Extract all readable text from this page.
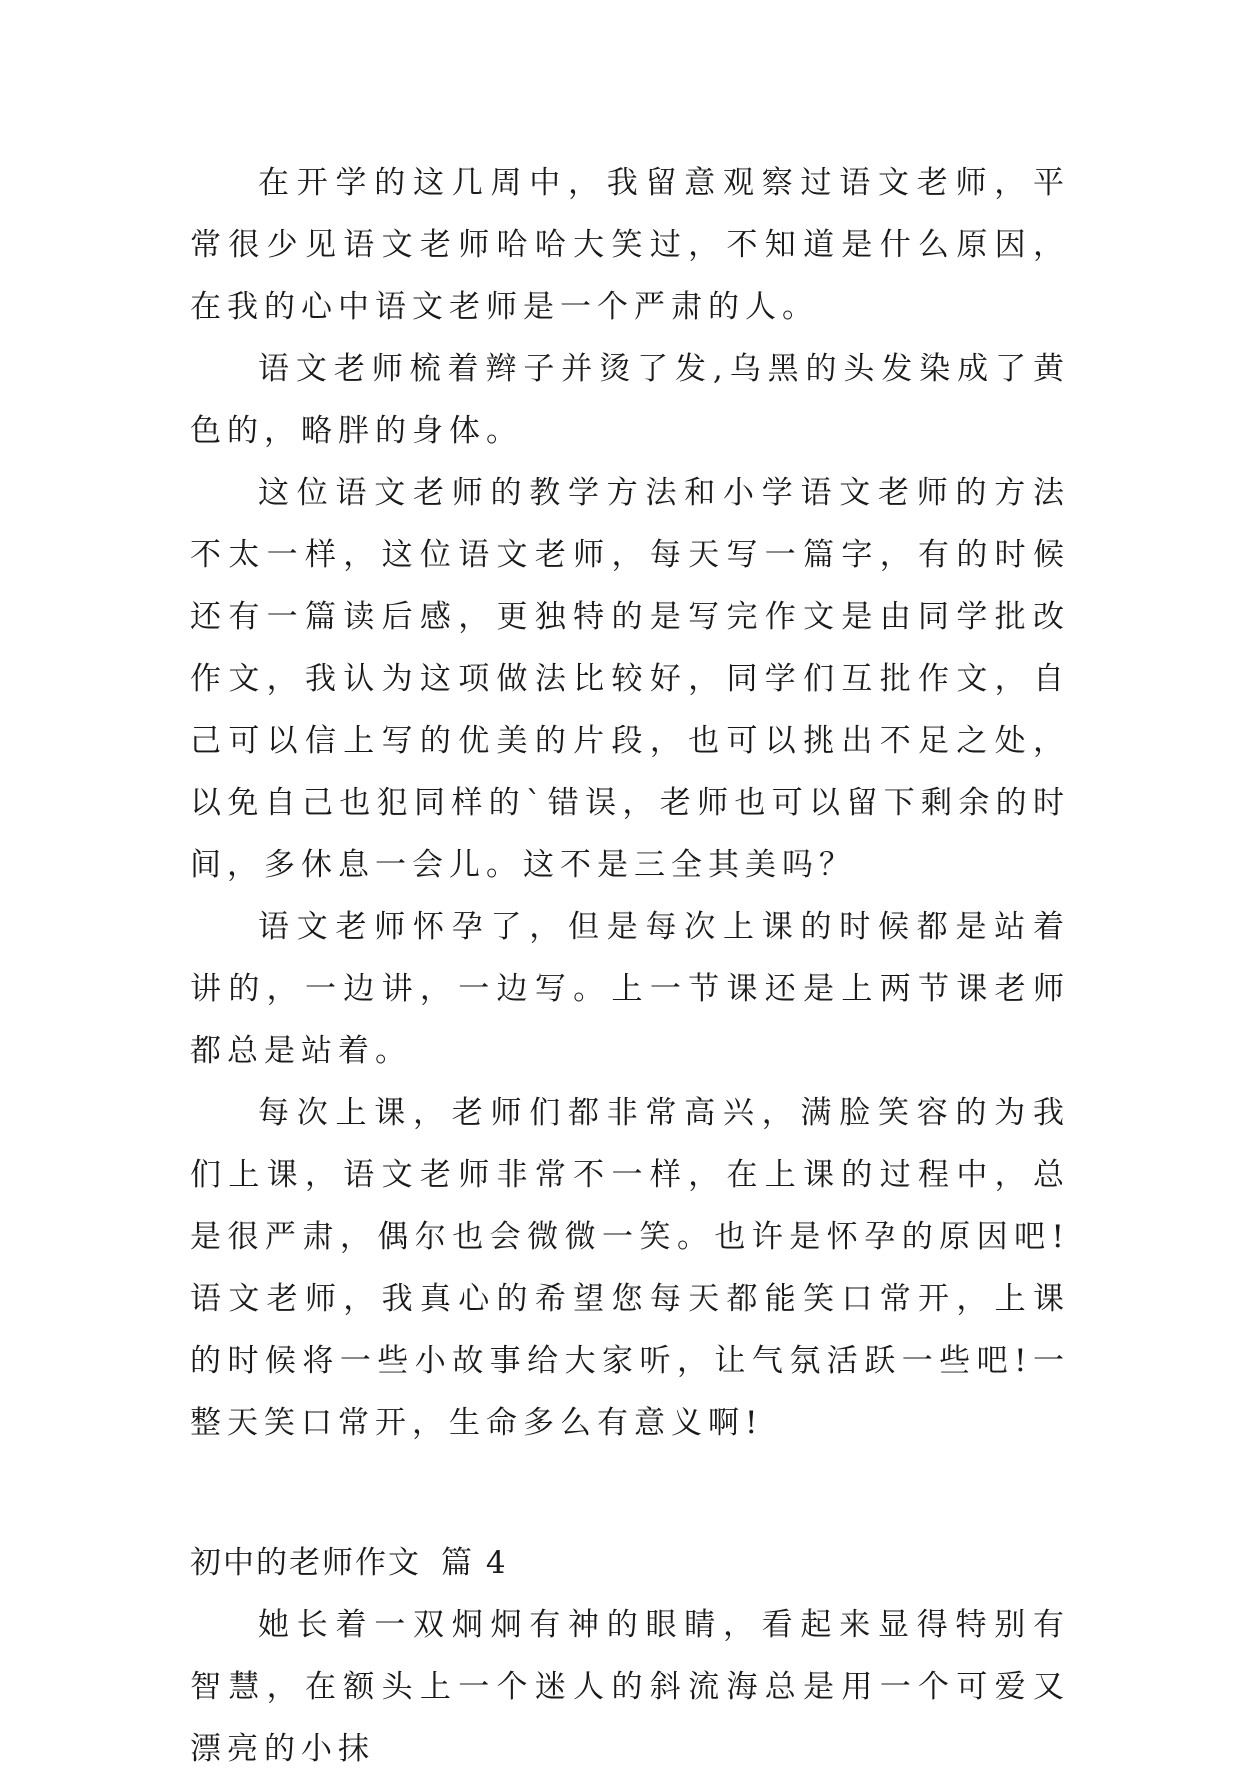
在开学的这几周中，我留意观察过语文老师，平常很少见语文老师哈哈大笑过，不知道是什么原因，在我的心中语文老师是一个严肃的人。

语文老师梳着辫子并烫了发,乌黑的头发染成了黄色的，略胖的身体。

这位语文老师的教学方法和小学语文老师的方法不太一样，这位语文老师，每天写一篇字，有的时候还有一篇读后感，更独特的是写完作文是由同学批改作文，我认为这项做法比较好，同学们互批作文，自己可以信上写的优美的片段，也可以挑出不足之处，以免自己也犯同样的`错误，老师也可以留下剩余的时间，多休息一会儿。这不是三全其美吗？

语文老师怀孕了，但是每次上课的时候都是站着讲的，一边讲，一边写。上一节课还是上两节课老师都总是站着。

每次上课，老师们都非常高兴，满脸笑容的为我们上课，语文老师非常不一样，在上课的过程中，总是很严肃，偶尔也会微微一笑。也许是怀孕的原因吧!语文老师，我真心的希望您每天都能笑口常开，上课的时候将一些小故事给大家听，让气氛活跃一些吧!一整天笑口常开，生命多么有意义啊!

初中的老师作文 篇 4

她长着一双炯炯有神的眼睛，看起来显得特别有智慧，在额头上一个迷人的斜流海总是用一个可爱又漂亮的小抹
